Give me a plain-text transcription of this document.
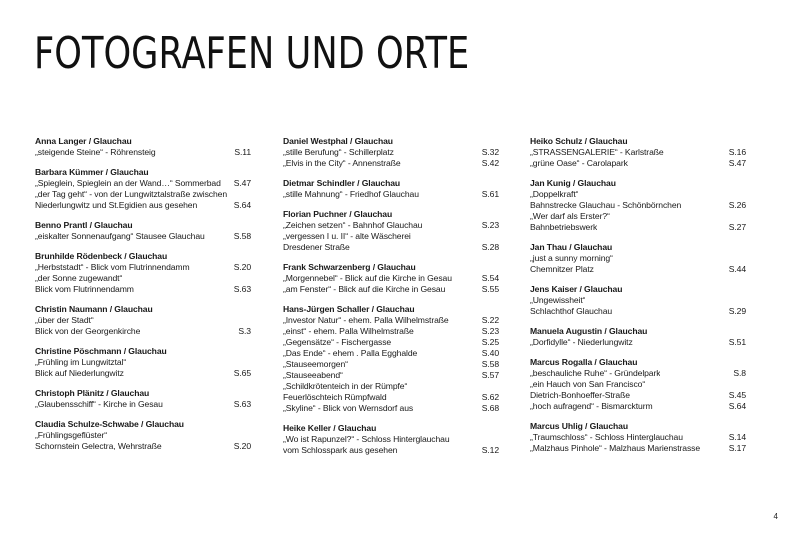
FOTOGRAFEN UND ORTE
Anna Langer / Glauchau
„steigende Steine“ - Röhrensteig	S.11
Barbara Kümmer / Glauchau
„Spieglein, Spieglein an der Wand…“ Sommerbad	S.47
„der Tag geht“ - von der Lungwitztalstraße zwischen
Niederlungwitz und St.Egidien aus gesehen	S.64
Benno Prantl / Glauchau
„eiskalter Sonnenaufgang“ Stausee Glauchau	S.58
Brunhilde Rödenbeck / Glauchau
„Herbststadt“ - Blick vom Flutrinnendamm	S.20
„der Sonne zugewandt“
Blick vom Flutrinnendamm	S.63
Christin Naumann / Glauchau
„über der Stadt“
Blick von der Georgenkirche	S.3
Christine Pöschmann / Glauchau
„Frühling im Lungwitztal“
Blick auf Niederlungwitz	S.65
Christoph Plänitz / Glauchau
„Glaubensschiff“ - Kirche in Gesau	S.63
Claudia Schulze-Schwabe / Glauchau
„Frühlingsgeflüster“
Schornstein Gelectra, Wehrstraße	S.20
Daniel Westphal / Glauchau
„stille Berufung“ - Schillerplatz	S.32
„Elvis in the City“ - Annenstraße	S.42
Dietmar Schindler / Glauchau
„stille Mahnung“ - Friedhof Glauchau	S.61
Florian Puchner / Glauchau
„Zeichen setzen“ - Bahnhof Glauchau	S.23
„vergessen I u. II“ - alte Wäscherei
Dresdener Straße	S.28
Frank Schwarzenberg / Glauchau
„Morgennebel“ - Blick auf die Kirche in Gesau	S.54
„am Fenster“ - Blick auf die Kirche in Gesau	S.55
Hans-Jürgen Schaller / Glauchau
„Investor Natur“ - ehem. Palla Wilhelmstraße	S.22
„einst“ - ehem. Palla Wilhelmstraße	S.23
„Gegensätze“ - Fischergasse	S.25
„Das Ende“ - ehem . Palla Egghalde	S.40
„Stauseemorgen“	S.58
„Stauseeabend“	S.57
„Schildkrötenteich in der Rümpfe“
Feuerlöschteich Rümpfwald	S.62
„Skyline“ - Blick von Wernsdorf aus	S.68
Heike Keller / Glauchau
„Wo ist Rapunzel?“ - Schloss Hinterglauchau
vom Schlosspark aus gesehen	S.12
Heiko Schulz / Glauchau
„STRASSENGALERIE“ - Karlstraße	S.16
„grüne Oase“ - Carolapark	S.47
Jan Kunig / Glauchau
„Doppelkraft“
Bahnstrecke Glauchau - Schönbörnchen	S.26
„Wer darf als Erster?“
Bahnbetriebswerk	S.27
Jan Thau / Glauchau
„just a sunny morning“
Chemnitzer Platz	S.44
Jens Kaiser / Glauchau
„Ungewissheit“
Schlachthof Glauchau	S.29
Manuela Augustin / Glauchau
„Dorfidylle“ - Niederlungwitz	S.51
Marcus Rogalla / Glauchau
„beschauliche Ruhe“ - Gründelpark	S.8
„ein Hauch von San Francisco“
Dietrich-Bonhoeffer-Straße	S.45
„hoch aufragend“ - Bismarckturm	S.64
Marcus Uhlig / Glauchau
„Traumschloss“ - Schloss Hinterglauchau	S.14
„Malzhaus Pinhole“ - Malzhaus Marienstrasse	S.17
4
